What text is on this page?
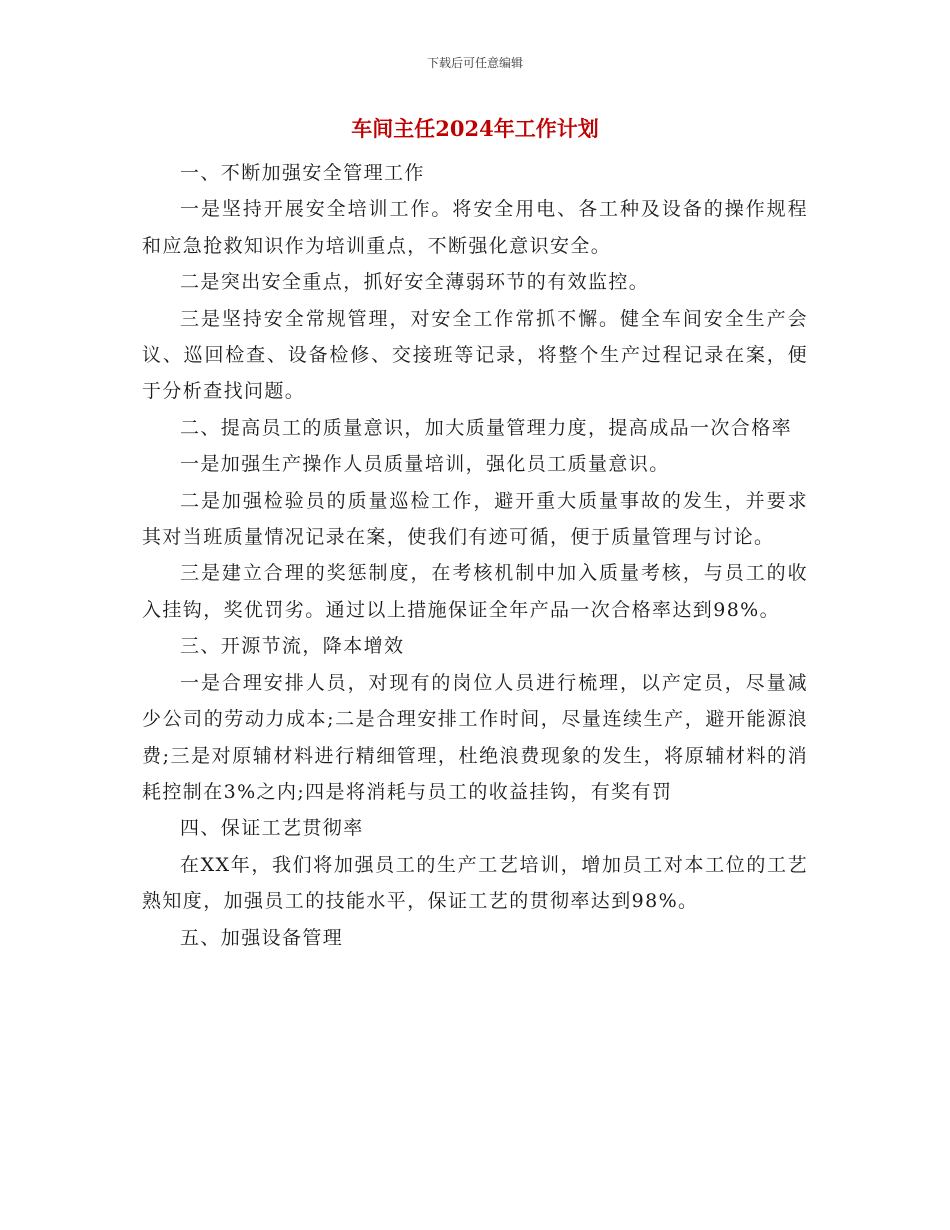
下载后可任意编辑
车间主任2024年工作计划

一、不断加强安全管理工作

一是坚持开展安全培训工作。将安全用电、各工种及设备的操作规程和应急抢救知识作为培训重点，不断强化意识安全。

二是突出安全重点，抓好安全薄弱环节的有效监控。

三是坚持安全常规管理，对安全工作常抓不懈。健全车间安全生产会议、巡回检查、设备检修、交接班等记录，将整个生产过程记录在案，便于分析查找问题。

二、提高员工的质量意识，加大质量管理力度，提高成品一次合格率

一是加强生产操作人员质量培训，强化员工质量意识。

二是加强检验员的质量巡检工作，避开重大质量事故的发生，并要求其对当班质量情况记录在案，使我们有迹可循，便于质量管理与讨论。

三是建立合理的奖惩制度，在考核机制中加入质量考核，与员工的收入挂钩，奖优罚劣。通过以上措施保证全年产品一次合格率达到98%。

三、开源节流，降本增效

一是合理安排人员，对现有的岗位人员进行梳理，以产定员，尽量减少公司的劳动力成本;二是合理安排工作时间，尽量连续生产，避开能源浪费;三是对原辅材料进行精细管理，杜绝浪费现象的发生，将原辅材料的消耗控制在3%之内;四是将消耗与员工的收益挂钩，有奖有罚

四、保证工艺贯彻率

在XX年，我们将加强员工的生产工艺培训，增加员工对本工位的工艺熟知度，加强员工的技能水平，保证工艺的贯彻率达到98%。

五、加强设备管理
